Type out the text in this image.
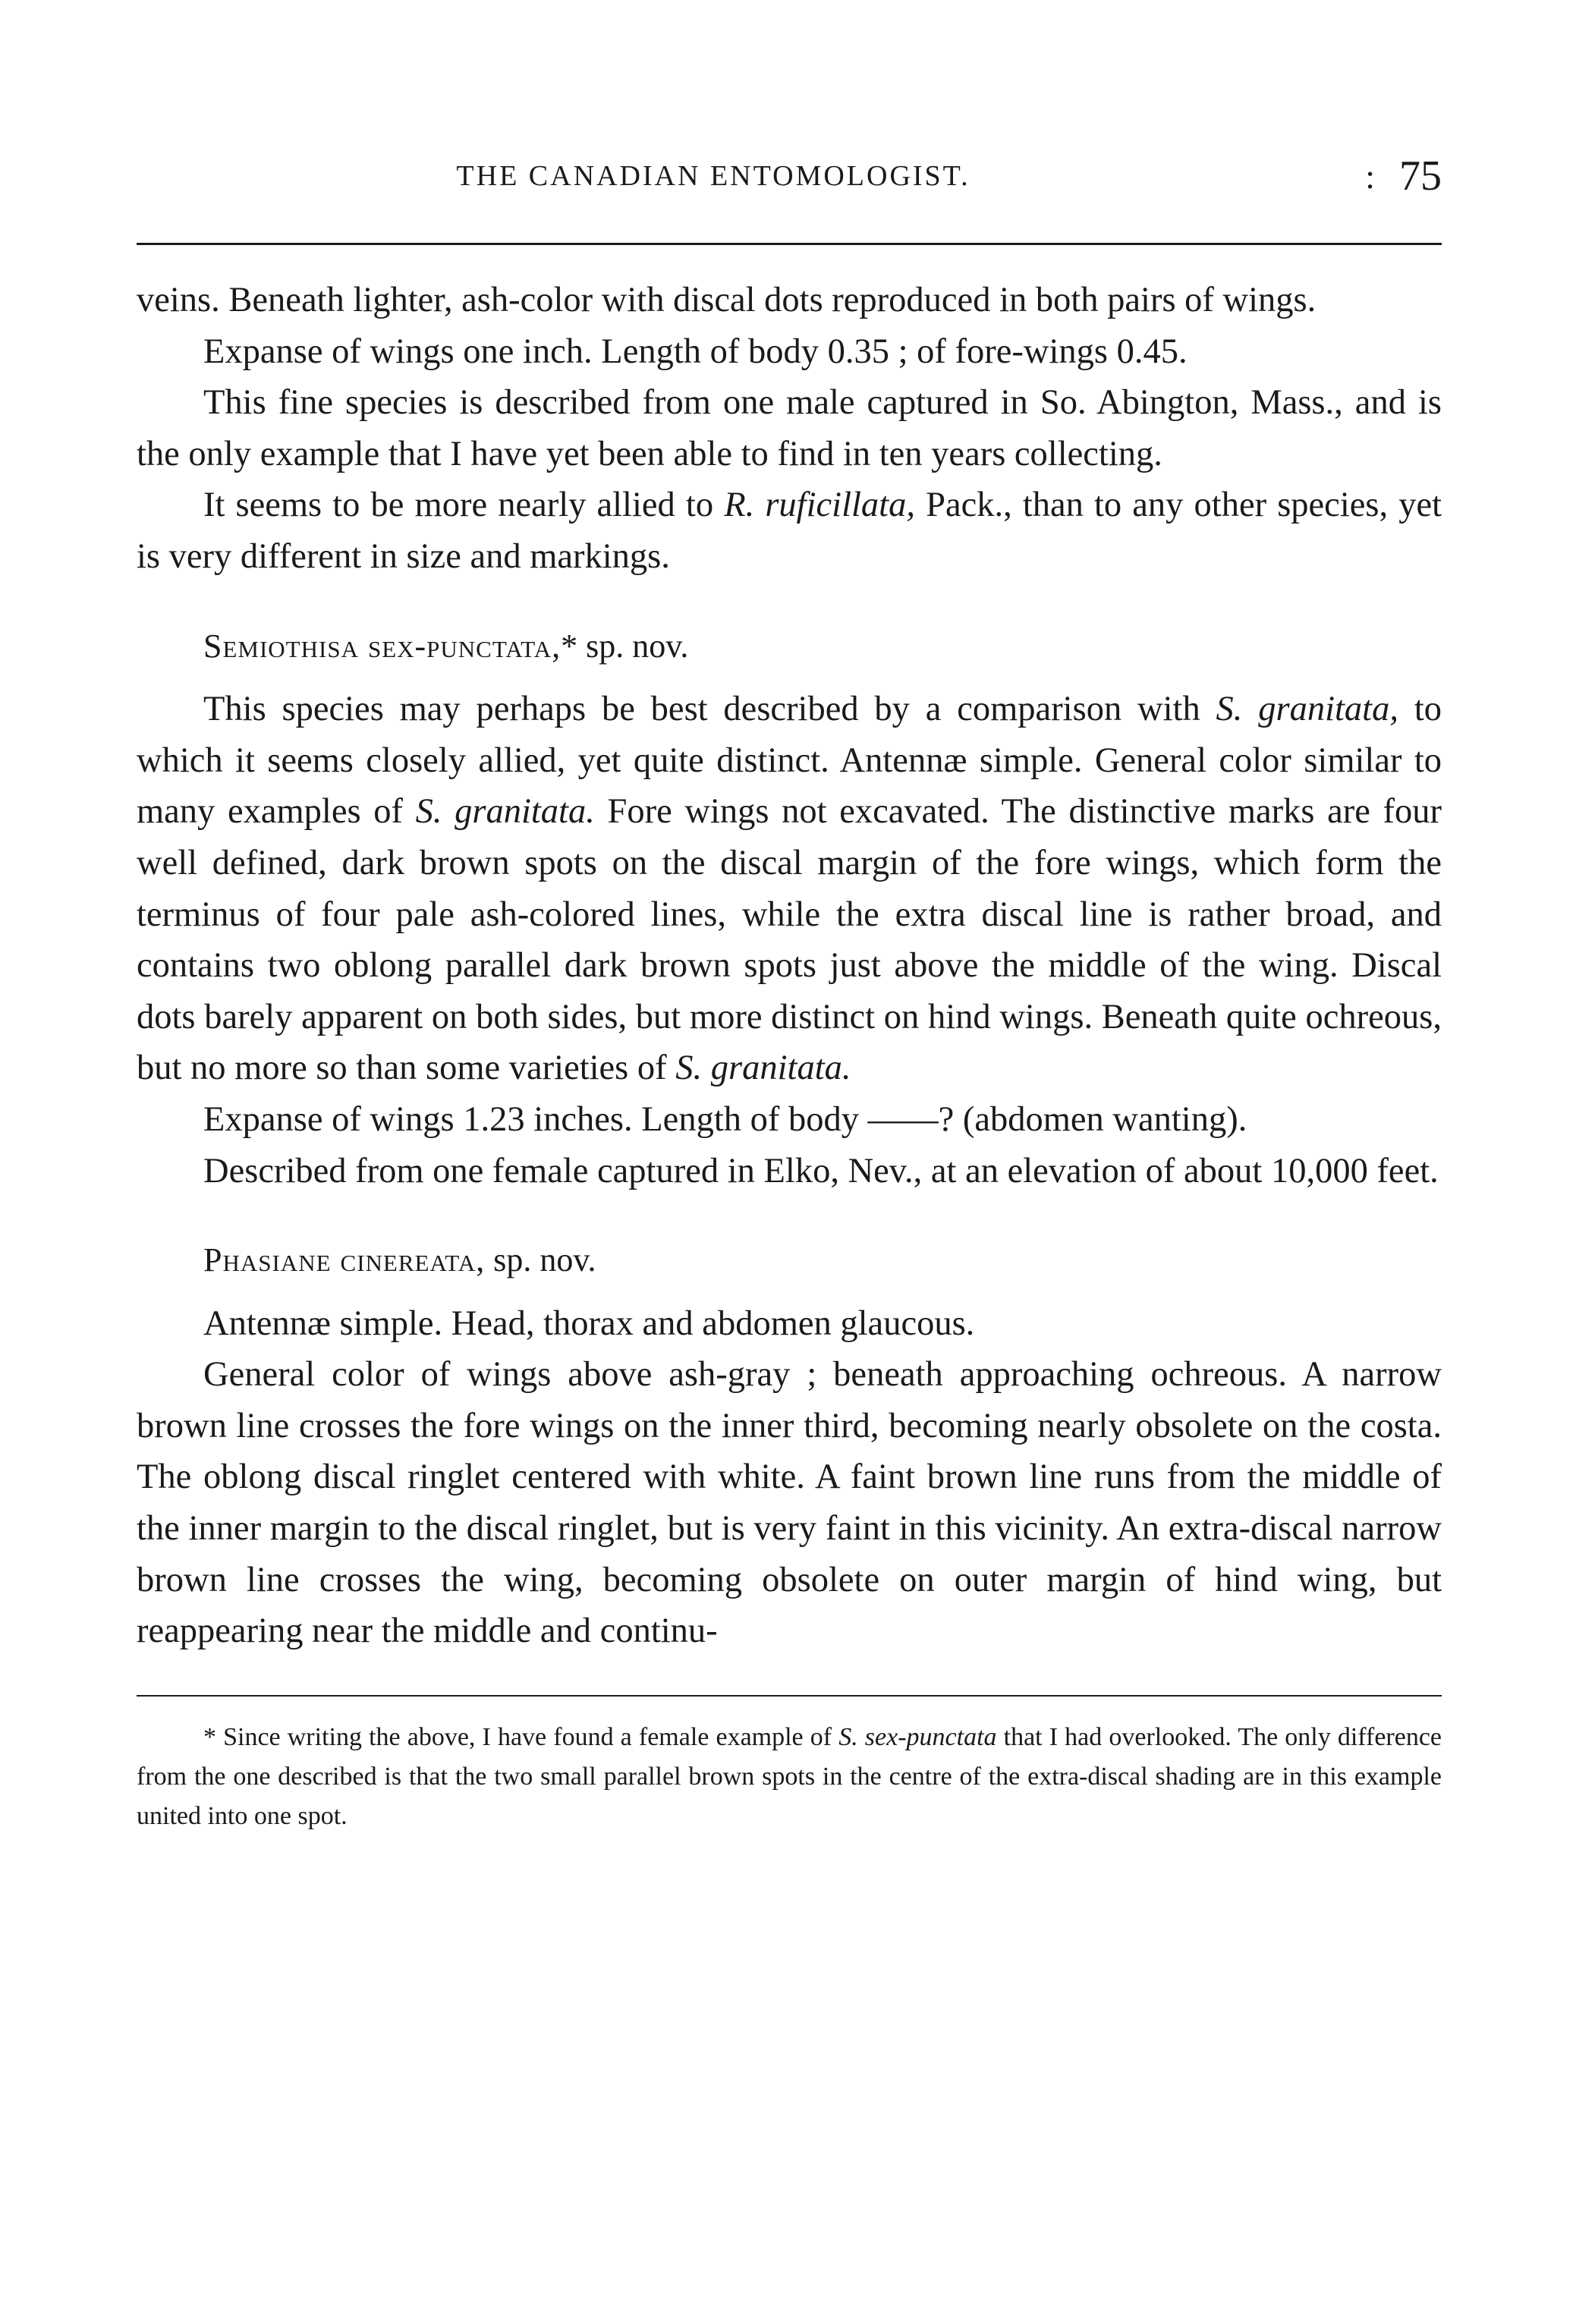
THE CANADIAN ENTOMOLOGIST.	: 75

veins. Beneath lighter, ash-color with discal dots reproduced in both pairs of wings.

Expanse of wings one inch. Length of body 0.35 ; of fore-wings 0.45.

This fine species is described from one male captured in So. Abington, Mass., and is the only example that I have yet been able to find in ten years collecting.

It seems to be more nearly allied to R. ruficillata, Pack., than to any other species, yet is very different in size and markings.

Semiothisa sex-punctata,* sp. nov.

This species may perhaps be best described by a comparison with S. granitata, to which it seems closely allied, yet quite distinct. Antennæ simple. General color similar to many examples of S. granitata. Fore wings not excavated. The distinctive marks are four well defined, dark brown spots on the discal margin of the fore wings, which form the terminus of four pale ash-colored lines, while the extra discal line is rather broad, and contains two oblong parallel dark brown spots just above the middle of the wing. Discal dots barely apparent on both sides, but more distinct on hind wings. Beneath quite ochreous, but no more so than some varieties of S. granitata.

Expanse of wings 1.23 inches. Length of body ——? (abdomen wanting).

Described from one female captured in Elko, Nev., at an elevation of about 10,000 feet.

Phasiane cinereata, sp. nov.

Antennæ simple. Head, thorax and abdomen glaucous.

General color of wings above ash-gray ; beneath approaching ochreous. A narrow brown line crosses the fore wings on the inner third, becoming nearly obsolete on the costa. The oblong discal ringlet centered with white. A faint brown line runs from the middle of the inner margin to the discal ringlet, but is very faint in this vicinity. An extra-discal narrow brown line crosses the wing, becoming obsolete on outer margin of hind wing, but reappearing near the middle and continu-

* Since writing the above, I have found a female example of S. sex-punctata that I had overlooked. The only difference from the one described is that the two small parallel brown spots in the centre of the extra-discal shading are in this example united into one spot.
